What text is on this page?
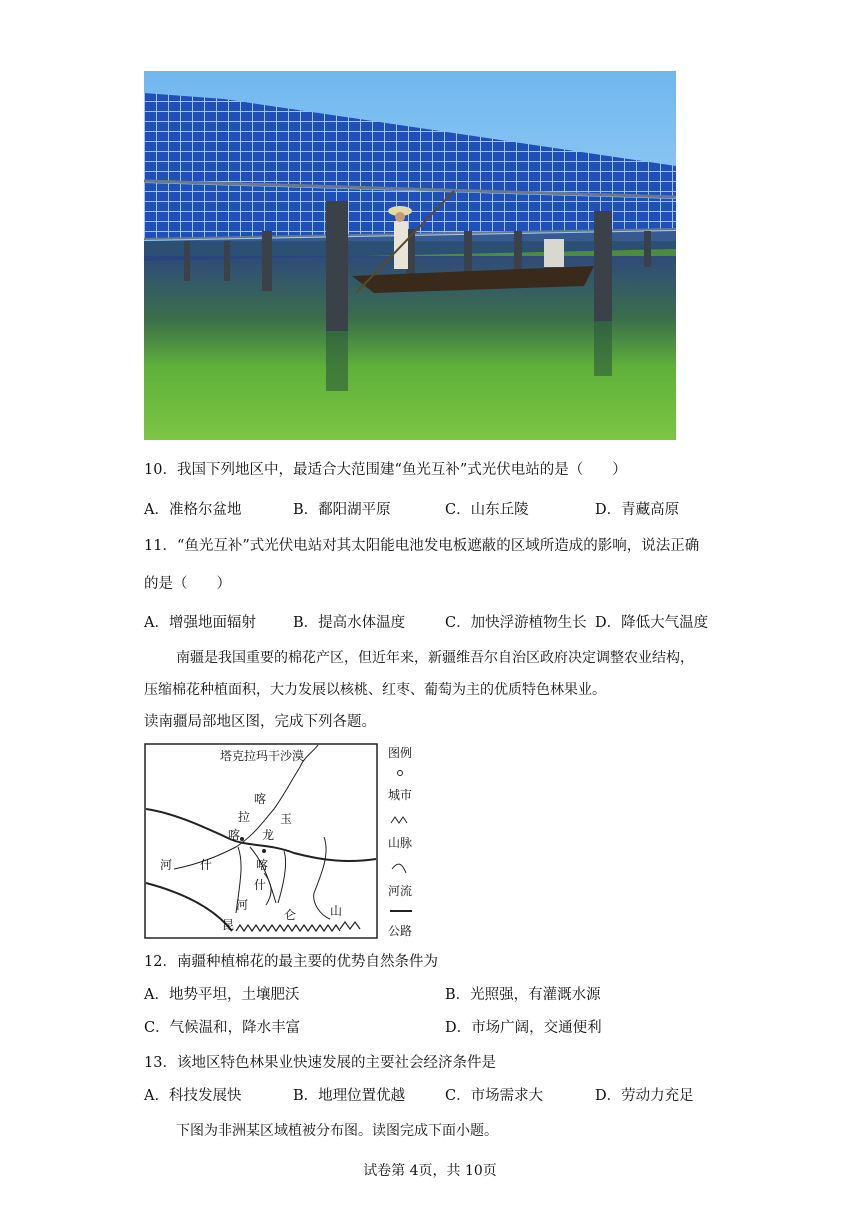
10．我国下列地区中，最适合大范围建“鱼光互补”式光伏电站的是（　　）
A．准格尔盆地	B．鄱阳湖平原	C．山东丘陵	D．青藏高原
11．“鱼光互补”式光伏电站对其太阳能电池发电板遮蔽的区域所造成的影响，说法正确
的是（　　）
A．增强地面辐射	B．提高水体温度	C．加快浮游植物生长 D．降低大气温度
南疆是我国重要的棉花产区，但近年来，新疆维吾尔自治区政府决定调整农业结构，
压缩棉花种植面积，大力发展以核桃、红枣、葡萄为主的优质特色林果业。
读南疆局部地区图，完成下列各题。
塔克拉玛干沙漠
喀
拉
喀
玉
龙
喀
什
河
河 什
昆
仑	山
图例
城市
山脉
河流
公路
12．南疆种植棉花的最主要的优势自然条件为
A．地势平坦，土壤肥沃	B．光照强，有灌溉水源
C．气候温和，降水丰富	D．市场广阔，交通便利
13．该地区特色林果业快速发展的主要社会经济条件是
A．科技发展快	B．地理位置优越	C．市场需求大	D．劳动力充足
下图为非洲某区域植被分布图。读图完成下面小题。
试卷第 4页，共 10页
